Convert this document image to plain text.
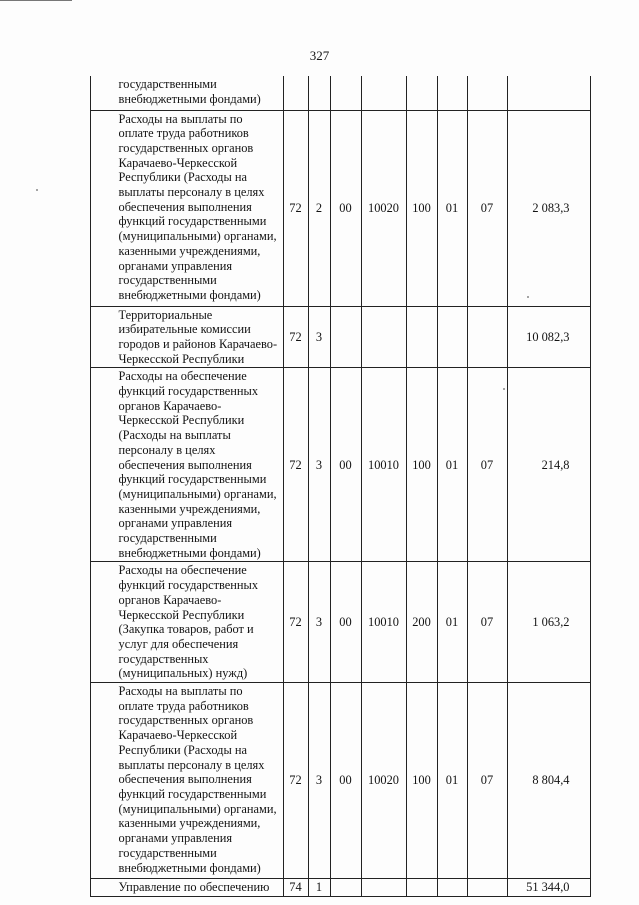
327
	государственными внебюджетными фондами)								
	Расходы на выплаты по оплате труда работников государственных органов Карачаево-Черкесской Республики (Расходы на выплаты персоналу в целях обеспечения выполнения функций государственными (муниципальными) органами, казенными учреждениями, органами управления государственными внебюджетными фондами)	72	2	00	10020	100	01	07	2 083,3
	Территориальные избирательные комиссии городов и районов Карачаево-Черкесской Республики	72	3						10 082,3
	Расходы на обеспечение функций государственных органов Карачаево-Черкесской Республики (Расходы на выплаты персоналу в целях обеспечения выполнения функций государственными (муниципальными) органами, казенными учреждениями, органами управления государственными внебюджетными фондами)	72	3	00	10010	100	01	07	214,8
	Расходы на обеспечение функций государственных органов Карачаево-Черкесской Республики (Закупка товаров, работ и услуг для обеспечения государственных (муниципальных) нужд)	72	3	00	10010	200	01	07	1 063,2
	Расходы на выплаты по оплате труда работников государственных органов Карачаево-Черкесской Республики (Расходы на выплаты персоналу в целях обеспечения выполнения функций государственными (муниципальными) органами, казенными учреждениями, органами управления государственными внебюджетными фондами)	72	3	00	10020	100	01	07	8 804,4
	Управление по обеспечению	74	1						51 344,0
